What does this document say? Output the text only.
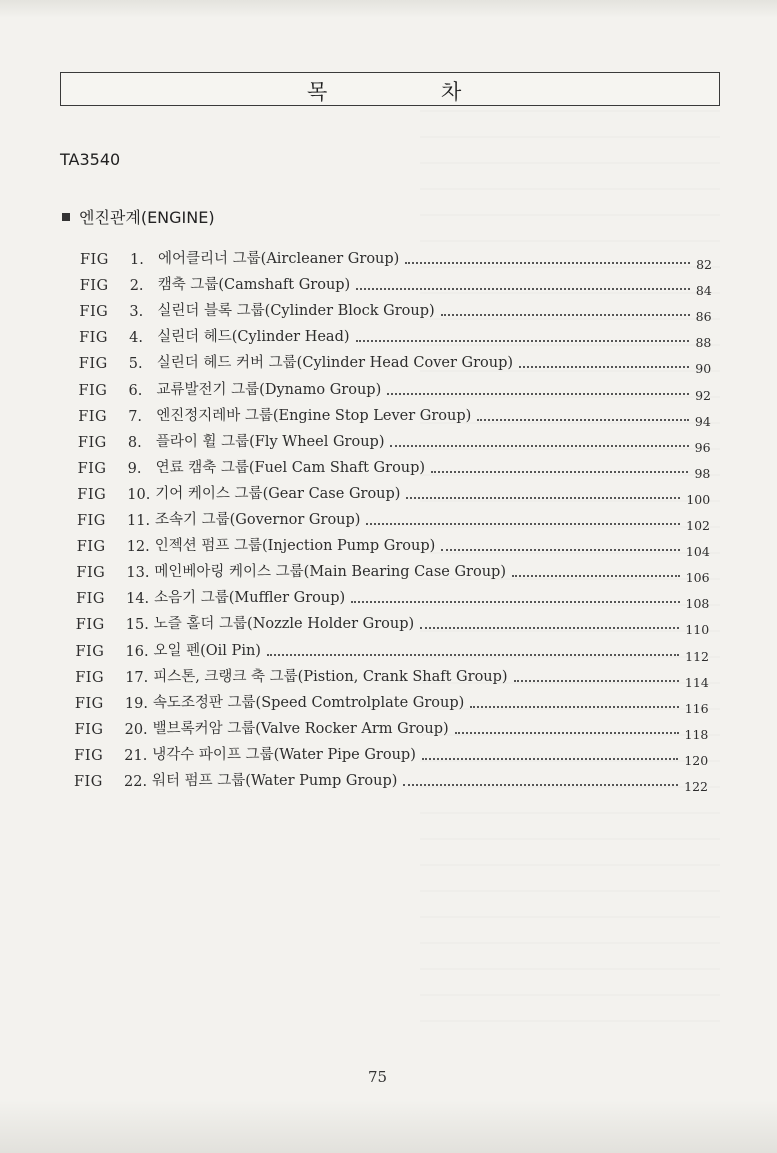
목	차
TA3540
엔진관계(ENGINE)
FIG	1. 에어클리너 그룹(Aircleaner Group)	82
FIG	2. 캠축 그룹(Camshaft Group)	84
FIG	3. 실린더 블록 그룹(Cylinder Block Group)	86
FIG	4. 실린더 헤드(Cylinder Head)	88
FIG	5. 실린더 헤드 커버 그룹(Cylinder Head Cover Group)	90
FIG	6. 교류발전기 그룹(Dynamo Group)	92
FIG	7. 엔진정지레바 그룹(Engine Stop Lever Group)	94
FIG	8. 플라이 휠 그룹(Fly Wheel Group)	96
FIG	9. 연료 캠축 그룹(Fuel Cam Shaft Group)	98
FIG	10. 기어 케이스 그룹(Gear Case Group)	100
FIG	11. 조속기 그룹(Governor Group)	102
FIG	12. 인젝션 펌프 그룹(Injection Pump Group)	104
FIG	13. 메인베아링 케이스 그룹(Main Bearing Case Group)	106
FIG	14. 소음기 그룹(Muffler Group)	108
FIG	15. 노즐 홀더 그룹(Nozzle Holder Group)	110
FIG	16. 오일 펜(Oil Pin)	112
FIG	17. 피스톤, 크랭크 축 그룹(Pistion, Crank Shaft Group)	114
FIG	19. 속도조정판 그룹(Speed Comtrolplate Group)	116
FIG	20. 밸브록커암 그룹(Valve Rocker Arm Group)	118
FIG	21. 냉각수 파이프 그룹(Water Pipe Group)	120
FIG	22. 워터 펌프 그룹(Water Pump Group)	122
75
